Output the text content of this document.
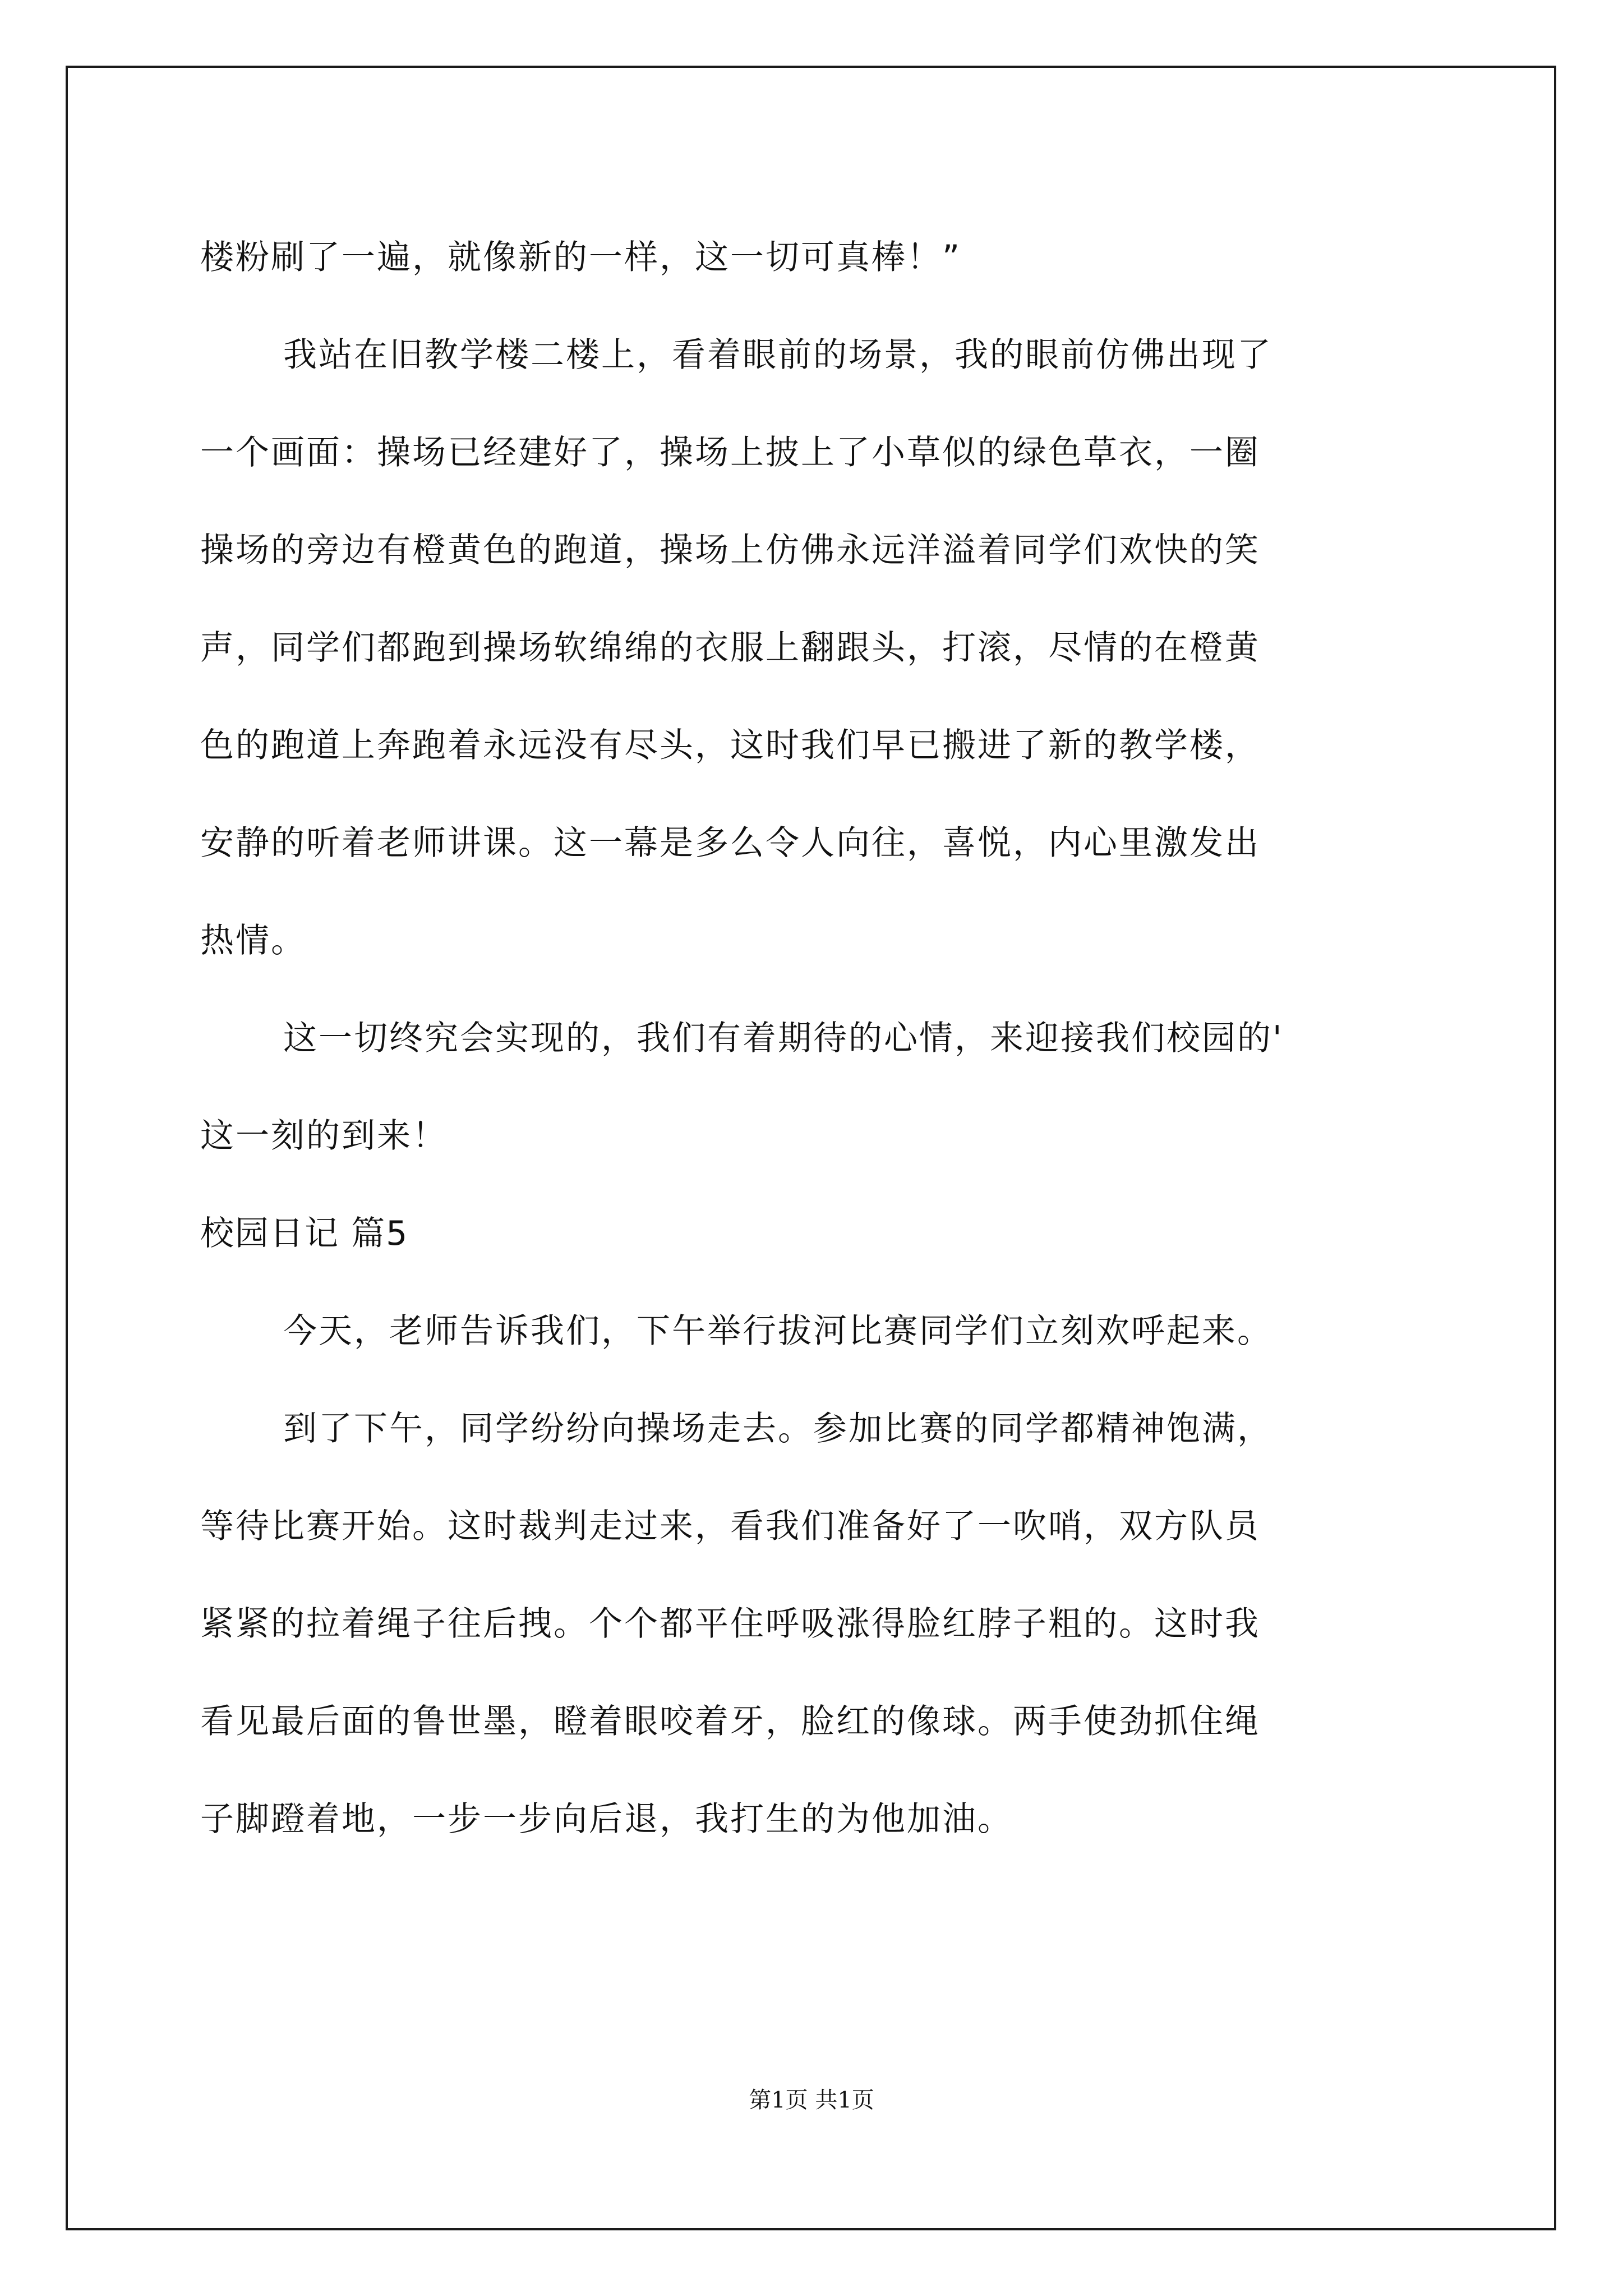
楼粉刷了一遍，就像新的一样，这一切可真棒！”
我站在旧教学楼二楼上，看着眼前的场景，我的眼前仿佛出现了
一个画面：操场已经建好了，操场上披上了小草似的绿色草衣，一圈
操场的旁边有橙黄色的跑道，操场上仿佛永远洋溢着同学们欢快的笑
声，同学们都跑到操场软绵绵的衣服上翻跟头，打滚，尽情的在橙黄
色的跑道上奔跑着永远没有尽头，这时我们早已搬进了新的教学楼，
安静的听着老师讲课。这一幕是多么令人向往，喜悦，内心里激发出
热情。
这一切终究会实现的，我们有着期待的心情，来迎接我们校园的'
这一刻的到来！
校园日记 篇5
今天，老师告诉我们，下午举行拔河比赛同学们立刻欢呼起来。
到了下午，同学纷纷向操场走去。参加比赛的同学都精神饱满，
等待比赛开始。这时裁判走过来，看我们准备好了一吹哨，双方队员
紧紧的拉着绳子往后拽。个个都平住呼吸涨得脸红脖子粗的。这时我
看见最后面的鲁世墨，瞪着眼咬着牙，脸红的像球。两手使劲抓住绳
子脚蹬着地，一步一步向后退，我打生的为他加油。
第1页 共1页
